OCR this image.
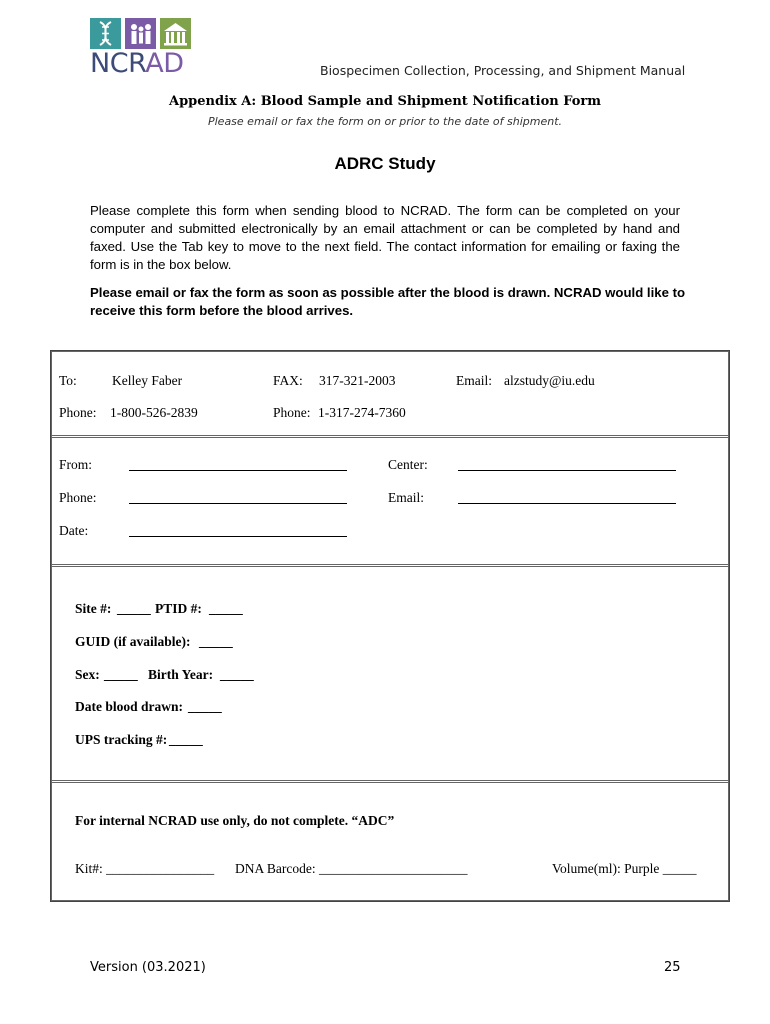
NCRAD	Biospecimen Collection, Processing, and Shipment Manual
Appendix A: Blood Sample and Shipment Notification Form
Please email or fax the form on or prior to the date of shipment.
ADRC Study
Please complete this form when sending blood to NCRAD. The form can be completed on your computer and submitted electronically by an email attachment or can be completed by hand and faxed. Use the Tab key to move to the next field. The contact information for emailing or faxing the form is in the box below.
Please email or fax the form as soon as possible after the blood is drawn. NCRAD would like to receive this form before the blood arrives.
To:	Kelley Faber	FAX: 317-321-2003	Email: alzstudy@iu.edu
Phone: 1-800-526-2839	Phone: 1-317-274-7360
From:	Center:
Phone:	Email:
Date:
Site #: _____ PTID #: _____
GUID (if available): _____
Sex: _____ Birth Year: _____
Date blood drawn: _____
UPS tracking #: _____
For internal NCRAD use only, do not complete. “ADC”
Kit#: ________________ DNA Barcode: ______________________	Volume(ml): Purple _____
Version (03.2021)	25
